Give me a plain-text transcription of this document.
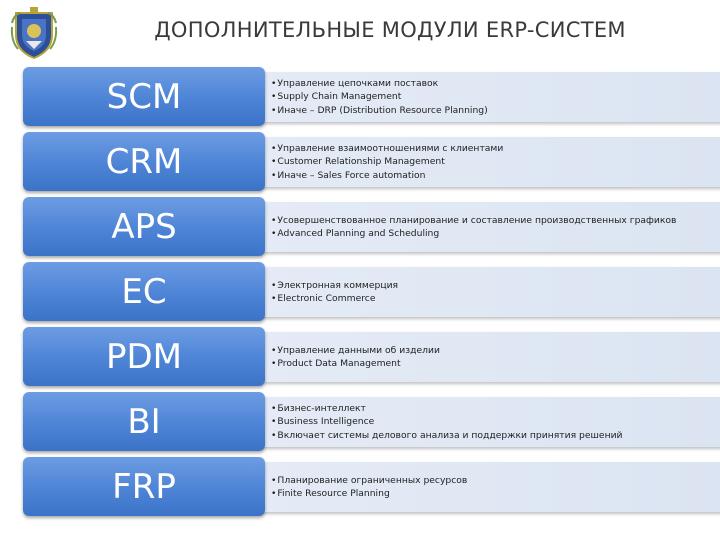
ДОПОЛНИТЕЛЬНЫЕ МОДУЛИ ERP-СИСТЕМ
SCM	• Управление цепочками поставок
• Supply Chain Management
• Иначе – DRP (Distribution Resource Planning)
CRM	• Управление взаимоотношениями с клиентами
• Customer Relationship Management
• Иначе – Sales Force automation
APS	• Усовершенствованное планирование и составление производственных графиков
• Advanced Planning and Scheduling
EC	• Электронная коммерция
• Electronic Commerce
PDM	• Управление данными об изделии
• Product Data Management
BI	• Бизнес-интеллект
• Business Intelligence
• Включает системы делового анализа и поддержки принятия решений
FRP	• Планирование ограниченных ресурсов
• Finite Resource Planning
